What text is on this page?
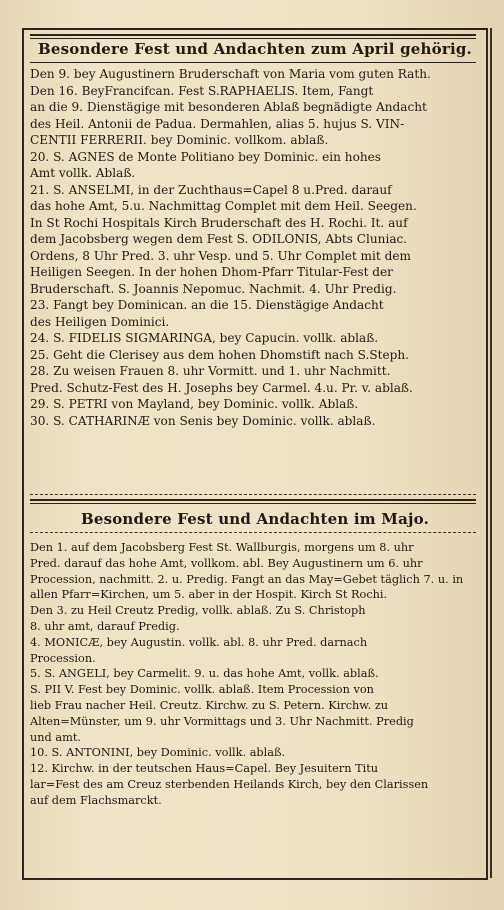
Besondere Fest und Andachten zum April gehörig.
Den 9. bey Augustinern Bruderschaft von Maria vom guten Rath.
Den 16. BeyFrancifcan. Fest S.RAPHAELIS. Item, Fangt
an die 9. Dienstägige mit besonderen Ablaß begnädigte Andacht
des Heil. Antonii de Padua. Dermahlen, alias 5. hujus S. VIN-
CENTII FERRERII. bey Dominic. vollkom. ablaß.
20. S. AGNES de Monte Politiano bey Dominic. ein hohes
Amt vollk. Ablaß.
21. S. ANSELMI, in der Zuchthaus=Capel 8 u.Pred. darauf
das hohe Amt, 5.u. Nachmittag Complet mit dem Heil. Seegen.
In St Rochi Hospitals Kirch Bruderschaft des H. Rochi. It. auf
dem Jacobsberg wegen dem Fest S. ODILONIS, Abts Cluniac.
Ordens, 8 Uhr Pred. 3. uhr Vesp. und 5. Uhr Complet mit dem
Heiligen Seegen. In der hohen Dhom-Pfarr Titular-Fest der
Bruderschaft. S. Joannis Nepomuc. Nachmit. 4. Uhr Predig.
23. Fangt bey Dominican. an die 15. Dienstägige Andacht
des Heiligen Dominici.
24. S. FIDELIS SIGMARINGA, bey Capucin. vollk. ablaß.
25. Geht die Clerisey aus dem hohen Dhomstift nach S.Steph.
28. Zu weisen Frauen 8. uhr Vormitt. und 1. uhr Nachmitt.
Pred. Schutz-Fest des H. Josephs bey Carmel. 4.u. Pr. v. ablaß.
29. S. PETRI von Mayland, bey Dominic. vollk. Ablaß.
30. S. CATHARINÆ von Senis bey Dominic. vollk. ablaß.
Besondere Fest und Andachten im Majo.
Den 1. auf dem Jacobsberg Fest St. Wallburgis, morgens um 8. uhr
Pred. darauf das hohe Amt, vollkom. abl. Bey Augustinern um 6. uhr
Procession, nachmitt. 2. u. Predig. Fangt an das May=Gebet täglich 7. u. in
allen Pfarr=Kirchen, um 5. aber in der Hospit. Kirch St Rochi.
Den 3. zu Heil Creutz Predig, vollk. ablaß. Zu S. Christoph
8. uhr amt, darauf Predig.
4. MONICÆ, bey Augustin. vollk. abl. 8. uhr Pred. darnach
Procession.
5. S. ANGELI, bey Carmelit. 9. u. das hohe Amt, vollk. ablaß.
S. PII V. Fest bey Dominic. vollk. ablaß. Item Procession von
lieb Frau nacher Heil. Creutz. Kirchw. zu S. Petern. Kirchw. zu
Alten=Münster, um 9. uhr Vormittags und 3. Uhr Nachmitt. Predig
und amt.
10. S. ANTONINI, bey Dominic. vollk. ablaß.
12. Kirchw. in der teutschen Haus=Capel. Bey Jesuitern Titu
lar=Fest des am Creuz sterbenden Heilands Kirch, bey den Clarissen
auf dem Flachsmarckt.
